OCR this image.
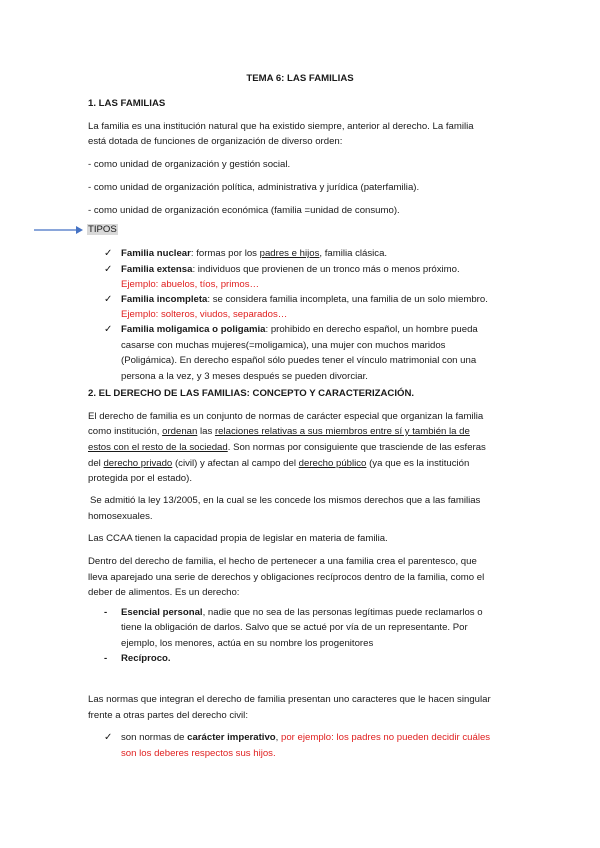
TEMA 6: LAS FAMILIAS
1. LAS FAMILIAS
La familia es una institución natural que ha existido siempre, anterior al derecho. La familia
está dotada de funciones de organización de diverso orden:
- como unidad de organización y gestión social.
- como unidad de organización política, administrativa y jurídica (paterfamilia).
- como unidad de organización económica (familia =unidad de consumo).
TIPOS
✓ Familia nuclear: formas por los padres e hijos, familia clásica.
✓ Familia extensa: individuos que provienen de un tronco más o menos próximo.
Ejemplo: abuelos, tíos, primos…
✓ Familia incompleta: se considera familia incompleta, una familia de un solo miembro.
Ejemplo: solteros, viudos, separados…
✓ Familia moligamica o poligamia: prohibido en derecho español, un hombre pueda
casarse con muchas mujeres(=moligamica), una mujer con muchos maridos
(Poligámica). En derecho español sólo puedes tener el vínculo matrimonial con una
persona a la vez, y 3 meses después se pueden divorciar.
2. EL DERECHO DE LAS FAMILIAS: CONCEPTO Y CARACTERIZACIÓN.
El derecho de familia es un conjunto de normas de carácter especial que organizan la familia
como institución, ordenan las relaciones relativas a sus miembros entre sí y también la de
estos con el resto de la sociedad. Son normas por consiguiente que trasciende de las esferas
del derecho privado (civil) y afectan al campo del derecho público (ya que es la institución
protegida por el estado).
Se admitió la ley 13/2005, en la cual se les concede los mismos derechos que a las familias
homosexuales.
Las CCAA tienen la capacidad propia de legislar en materia de familia.
Dentro del derecho de familia, el hecho de pertenecer a una familia crea el parentesco, que
lleva aparejado una serie de derechos y obligaciones recíprocos dentro de la familia, como el
deber de alimentos. Es un derecho:
- Esencial personal, nadie que no sea de las personas legítimas puede reclamarlos o
tiene la obligación de darlos. Salvo que se actué por vía de un representante. Por
ejemplo, los menores, actúa en su nombre los progenitores
- Recíproco.
Las normas que integran el derecho de familia presentan uno caracteres que le hacen singular
frente a otras partes del derecho civil:
✓ son normas de carácter imperativo, por ejemplo: los padres no pueden decidir cuáles
son los deberes respectos sus hijos.
